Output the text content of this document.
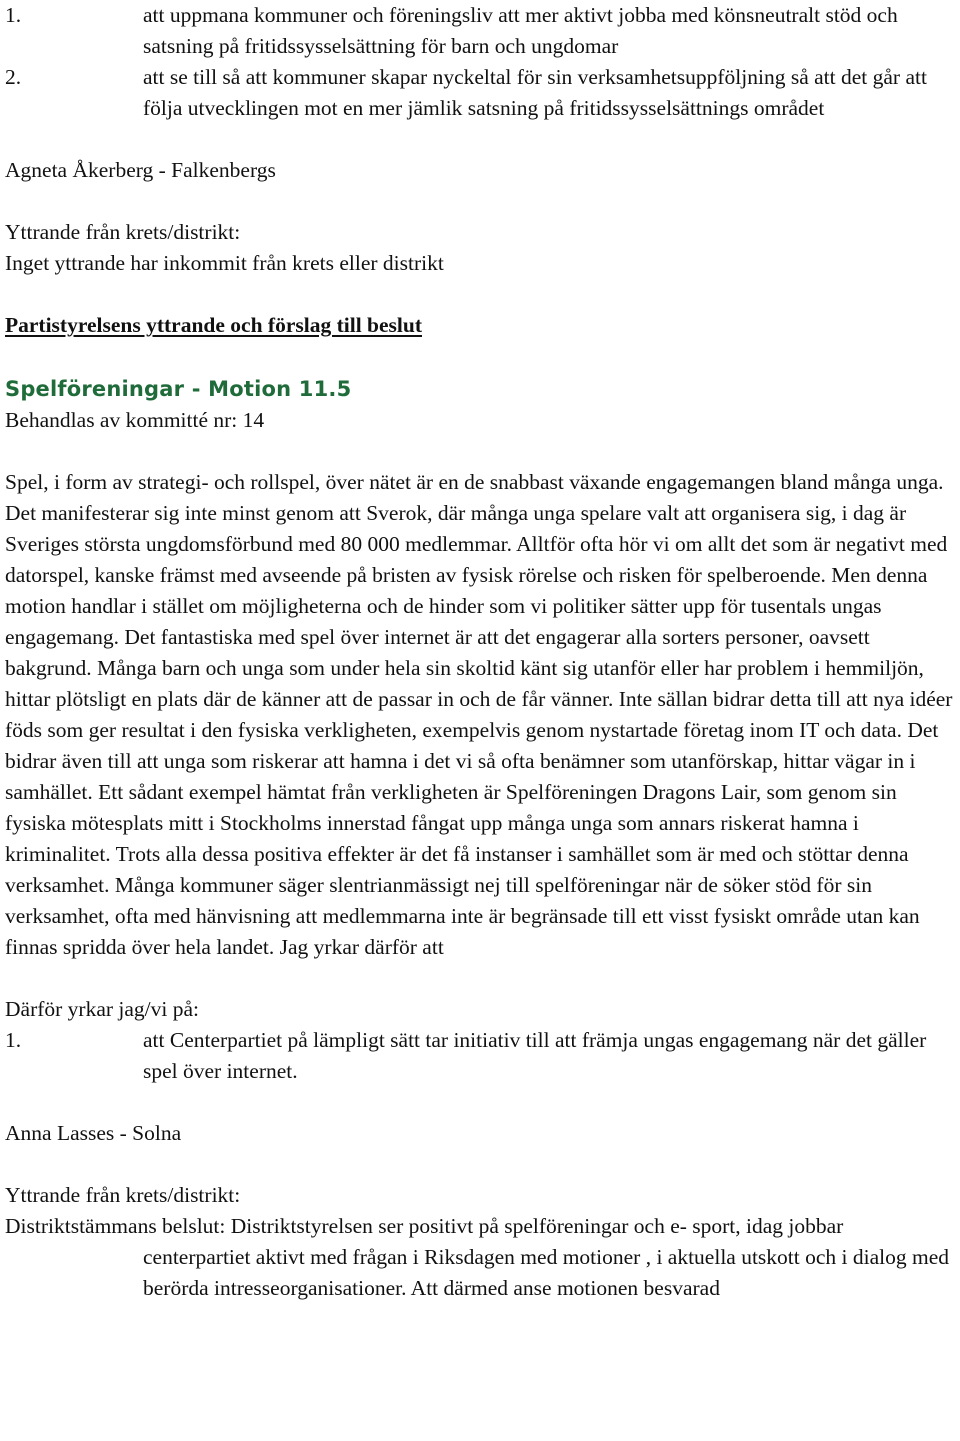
1.	att uppmana kommuner och föreningsliv att mer aktivt jobba med könsneutralt stöd och satsning på fritidssysselsättning för barn och ungdomar
2.	att se till så att kommuner skapar nyckeltal för sin verksamhetsuppföljning så att det går att följa utvecklingen mot en mer jämlik satsning på fritidssysselsättnings området
Agneta Åkerberg - Falkenbergs
Yttrande från krets/distrikt:
Inget yttrande har inkommit från krets eller distrikt
Partistyrelsens yttrande och förslag till beslut
Spelföreningar - Motion 11.5
Behandlas av kommitté nr: 14
Spel, i form av strategi- och rollspel, över nätet är en de snabbast växande engagemangen bland många unga. Det manifesterar sig inte minst genom att Sverok, där många unga spelare valt att organisera sig, i dag är Sveriges största ungdomsförbund med 80 000 medlemmar. Alltför ofta hör vi om allt det som är negativt med datorspel, kanske främst med avseende på bristen av fysisk rörelse och risken för spelberoende. Men denna motion handlar i stället om möjligheterna och de hinder som vi politiker sätter upp för tusentals ungas engagemang. Det fantastiska med spel över internet är att det engagerar alla sorters personer, oavsett bakgrund. Många barn och unga som under hela sin skoltid känt sig utanför eller har problem i hemmiljön, hittar plötsligt en plats där de känner att de passar in och de får vänner. Inte sällan bidrar detta till att nya idéer föds som ger resultat i den fysiska verkligheten, exempelvis genom nystartade företag inom IT och data. Det bidrar även till att unga som riskerar att hamna i det vi så ofta benämner som utanförskap, hittar vägar in i samhället. Ett sådant exempel hämtat från verkligheten är Spelföreningen Dragons Lair, som genom sin fysiska mötesplats mitt i Stockholms innerstad fångat upp många unga som annars riskerat hamna i kriminalitet. Trots alla dessa positiva effekter är det få instanser i samhället som är med och stöttar denna verksamhet. Många kommuner säger slentrianmässigt nej till spelföreningar när de söker stöd för sin verksamhet, ofta med hänvisning att medlemmarna inte är begränsade till ett visst fysiskt område utan kan finnas spridda över hela landet. Jag yrkar därför att
Därför yrkar jag/vi på:
1.	att Centerpartiet på lämpligt sätt tar initiativ till att främja ungas engagemang när det gäller spel över internet.
Anna Lasses - Solna
Yttrande från krets/distrikt:
Distriktstämmans belslut: Distriktstyrelsen ser positivt på spelföreningar och e- sport, idag jobbar centerpartiet aktivt med frågan i Riksdagen med motioner , i aktuella utskott och i dialog med berörda intresseorganisationer. Att därmed anse motionen besvarad
